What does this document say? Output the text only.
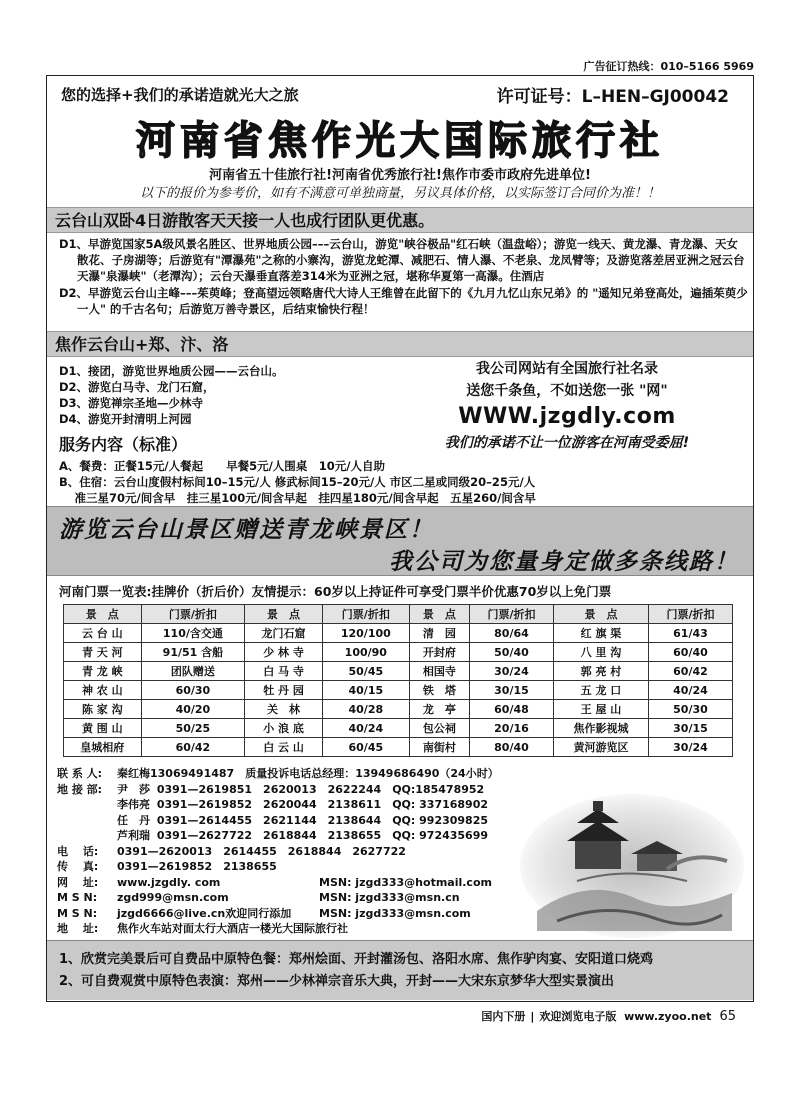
广告征订热线：010–5166 5969
您的选择+我们的承诺造就光大之旅	许可证号：L–HEN–GJ00042
河南省焦作光大国际旅行社
河南省五十佳旅行社!河南省优秀旅行社!焦作市委市政府先进单位!
以下的报价为参考价，如有不满意可单独商量，另议具体价格，以实际签订合同价为准！！
云台山双卧4日游散客天天接一人也成行团队更优惠。
D1、早游览国家5A级风景名胜区、世界地质公园–––云台山，游览"峡谷极品"红石峡（温盘峪）；游览一线天、黄龙瀑、青龙瀑、天女散花、子房湖等；后游览有"潭瀑苑"之称的小寨沟，游览龙蛇潭、减肥石、情人瀑、不老泉、龙凤臂等；及游览落差居亚洲之冠云台天瀑"泉瀑峡"（老潭沟）；云台天瀑垂直落差314米为亚洲之冠，堪称华夏第一高瀑。住酒店
D2、早游览云台山主峰–––茱萸峰；登高望远领略唐代大诗人王维曾在此留下的《九月九忆山东兄弟》的 "遥知兄弟登高处，遍插茱萸少一人" 的千古名句；后游览万善寺景区，后结束愉快行程！
焦作云台山+郑、汴、洛
D1、接团，游览世界地质公园——云台山。
D2、游览白马寺、龙门石窟，
D3、游览禅宗圣地—少林寺
D4、游览开封清明上河园
我公司网站有全国旅行社名录
送您千条鱼，不如送您一张 "网"
WWW.jzgdly.com
我们的承诺不让一位游客在河南受委屈!
服务内容（标准）
A、餐费：正餐15元/人餐起　　早餐5元/人围桌　10元/人自助
B、住宿：云台山度假村标间10–15元/人 修武标间15–20元/人 市区二星或同级20–25元/人
　 准三星70元/间含早　挂三星100元/间含早起　挂四星180元/间含早起　五星260/间含早
游览云台山景区赠送青龙峡景区！
我公司为您量身定做多条线路！
河南门票一览表:挂牌价（折后价）友情提示：60岁以上持证件可享受门票半价优惠70岁以上免门票
景　点	门票/折扣	景　点	门票/折扣	景　点	门票/折扣	景　点	门票/折扣
云 台 山	110/含交通	龙门石窟	120/100	清　园	80/64	红 旗 渠	61/43
青 天 河	91/51 含船	少 林 寺	100/90	开封府	50/40	八 里 沟	60/40
青 龙 峡	团队赠送	白 马 寺	50/45	相国寺	30/24	郭 亮 村	60/42
神 农 山	60/30	牡 丹 园	40/15	铁　塔	30/15	五 龙 口	40/24
陈 家 沟	40/20	关　林	40/28	龙　亭	60/48	王 屋 山	50/30
黄 围 山	50/25	小 浪 底	40/24	包公祠	20/16	焦作影视城	30/15
皇城相府	60/42	白 云 山	60/45	南街村	80/40	黄河游览区	30/24
联 系 人: 秦红梅13069491487　质量投诉电话总经理：13949686490（24小时）
地 接 部: 尹　莎 0391—2619851　2620013　2622244　 QQ:185478952
李伟亮 0391—2619852　2620044　2138611　 QQ: 337168902
任　丹 0391—2614455　2621144　2138644　 QQ: 992309825
芦利瑞 0391—2627722　2618844　2138655　 QQ: 972435699
电　 话: 0391—2620013　2614455　2618844　2627722
传　 真: 0391—2619852　2138655
网　 址: www.jzgdly. com	MSN: jzgd333@hotmail.com
M S N: zgd999@msn.com	MSN: jzgd333@msn.cn
M S N: jzgd6666@live.cn欢迎同行添加	MSN: jzgd333@msn.com
地　 址: 焦作火车站对面太行大酒店一楼光大国际旅行社
1、欣赏完美景后可自费品中原特色餐：郑州烩面、开封灌汤包、洛阳水席、焦作驴肉宴、安阳道口烧鸡
2、可自费观赏中原特色表演：郑州——少林禅宗音乐大典，开封——大宋东京梦华大型实景演出
国内下册 | 欢迎浏览电子版 www.zyoo.net 65
